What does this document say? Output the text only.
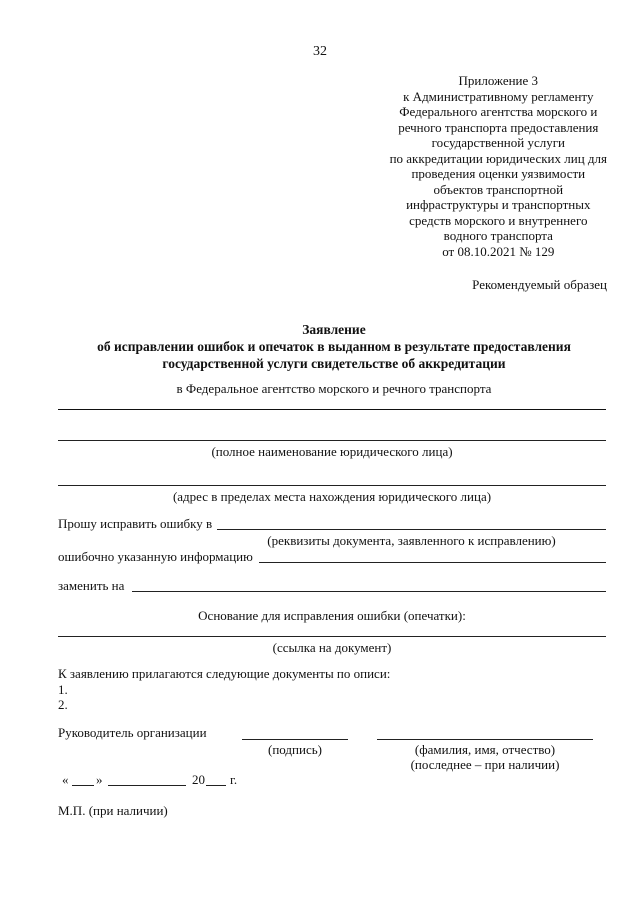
32
Приложение 3
к Административному регламенту
Федерального агентства морского и
речного транспорта предоставления
государственной услуги
по аккредитации юридических лиц для
проведения оценки уязвимости
объектов транспортной
инфраструктуры и транспортных
средств морского и внутреннего
водного транспорта
от 08.10.2021 № 129
Рекомендуемый образец
Заявление
об исправлении ошибок и опечаток в выданном в результате предоставления
государственной услуги свидетельстве об аккредитации
в Федеральное агентство морского и речного транспорта
(полное наименование юридического лица)
(адрес в пределах места нахождения юридического лица)
Прошу исправить ошибку в
(реквизиты документа, заявленного к исправлению)
ошибочно указанную информацию
заменить на
Основание для исправления ошибки (опечатки):
(ссылка на документ)
К заявлению прилагаются следующие документы по описи:
1.
2.
Руководитель организации
(подпись)	(фамилия, имя, отчество)
(последнее – при наличии)
« »	20 г.
М.П. (при наличии)
